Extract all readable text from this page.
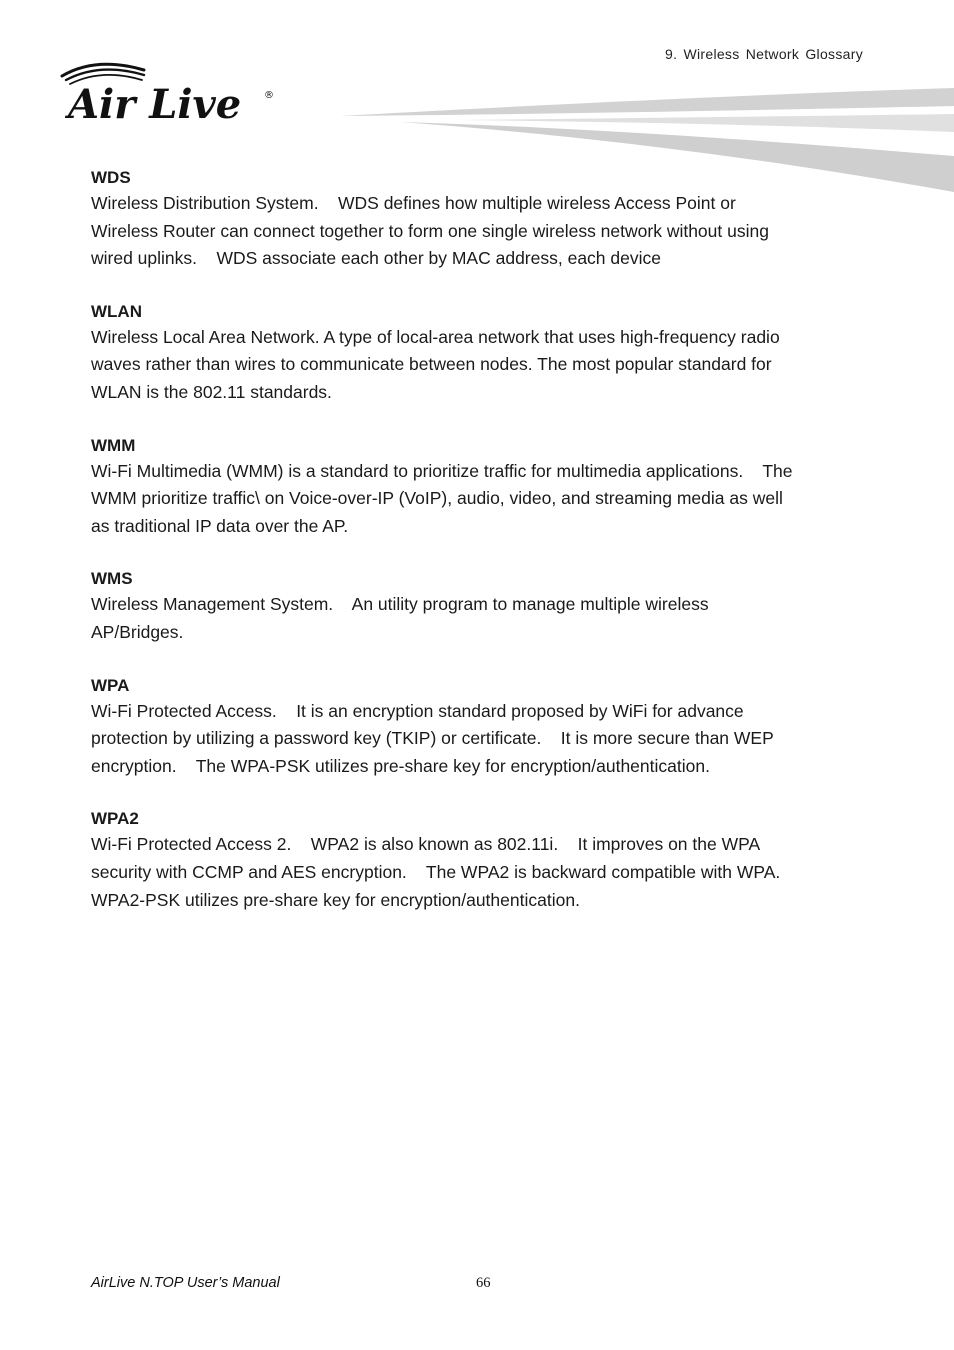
9. Wireless Network Glossary
Air Live ®
WDS

Wireless Distribution System.    WDS defines how multiple wireless Access Point or
Wireless Router can connect together to form one single wireless network without using
wired uplinks.    WDS associate each other by MAC address, each device

WLAN

Wireless Local Area Network. A type of local-area network that uses high-frequency radio
waves rather than wires to communicate between nodes. The most popular standard for
WLAN is the 802.11 standards.

WMM

Wi-Fi Multimedia (WMM) is a standard to prioritize traffic for multimedia applications.    The
WMM prioritize traffic\ on Voice-over-IP (VoIP), audio, video, and streaming media as well
as traditional IP data over the AP.

WMS

Wireless Management System.    An utility program to manage multiple wireless
AP/Bridges.

WPA

Wi-Fi Protected Access.    It is an encryption standard proposed by WiFi for advance
protection by utilizing a password key (TKIP) or certificate.    It is more secure than WEP
encryption.    The WPA-PSK utilizes pre-share key for encryption/authentication.

WPA2

Wi-Fi Protected Access 2.    WPA2 is also known as 802.11i.    It improves on the WPA
security with CCMP and AES encryption.    The WPA2 is backward compatible with WPA.
WPA2-PSK utilizes pre-share key for encryption/authentication.

AirLive N.TOP User’s Manual	66
